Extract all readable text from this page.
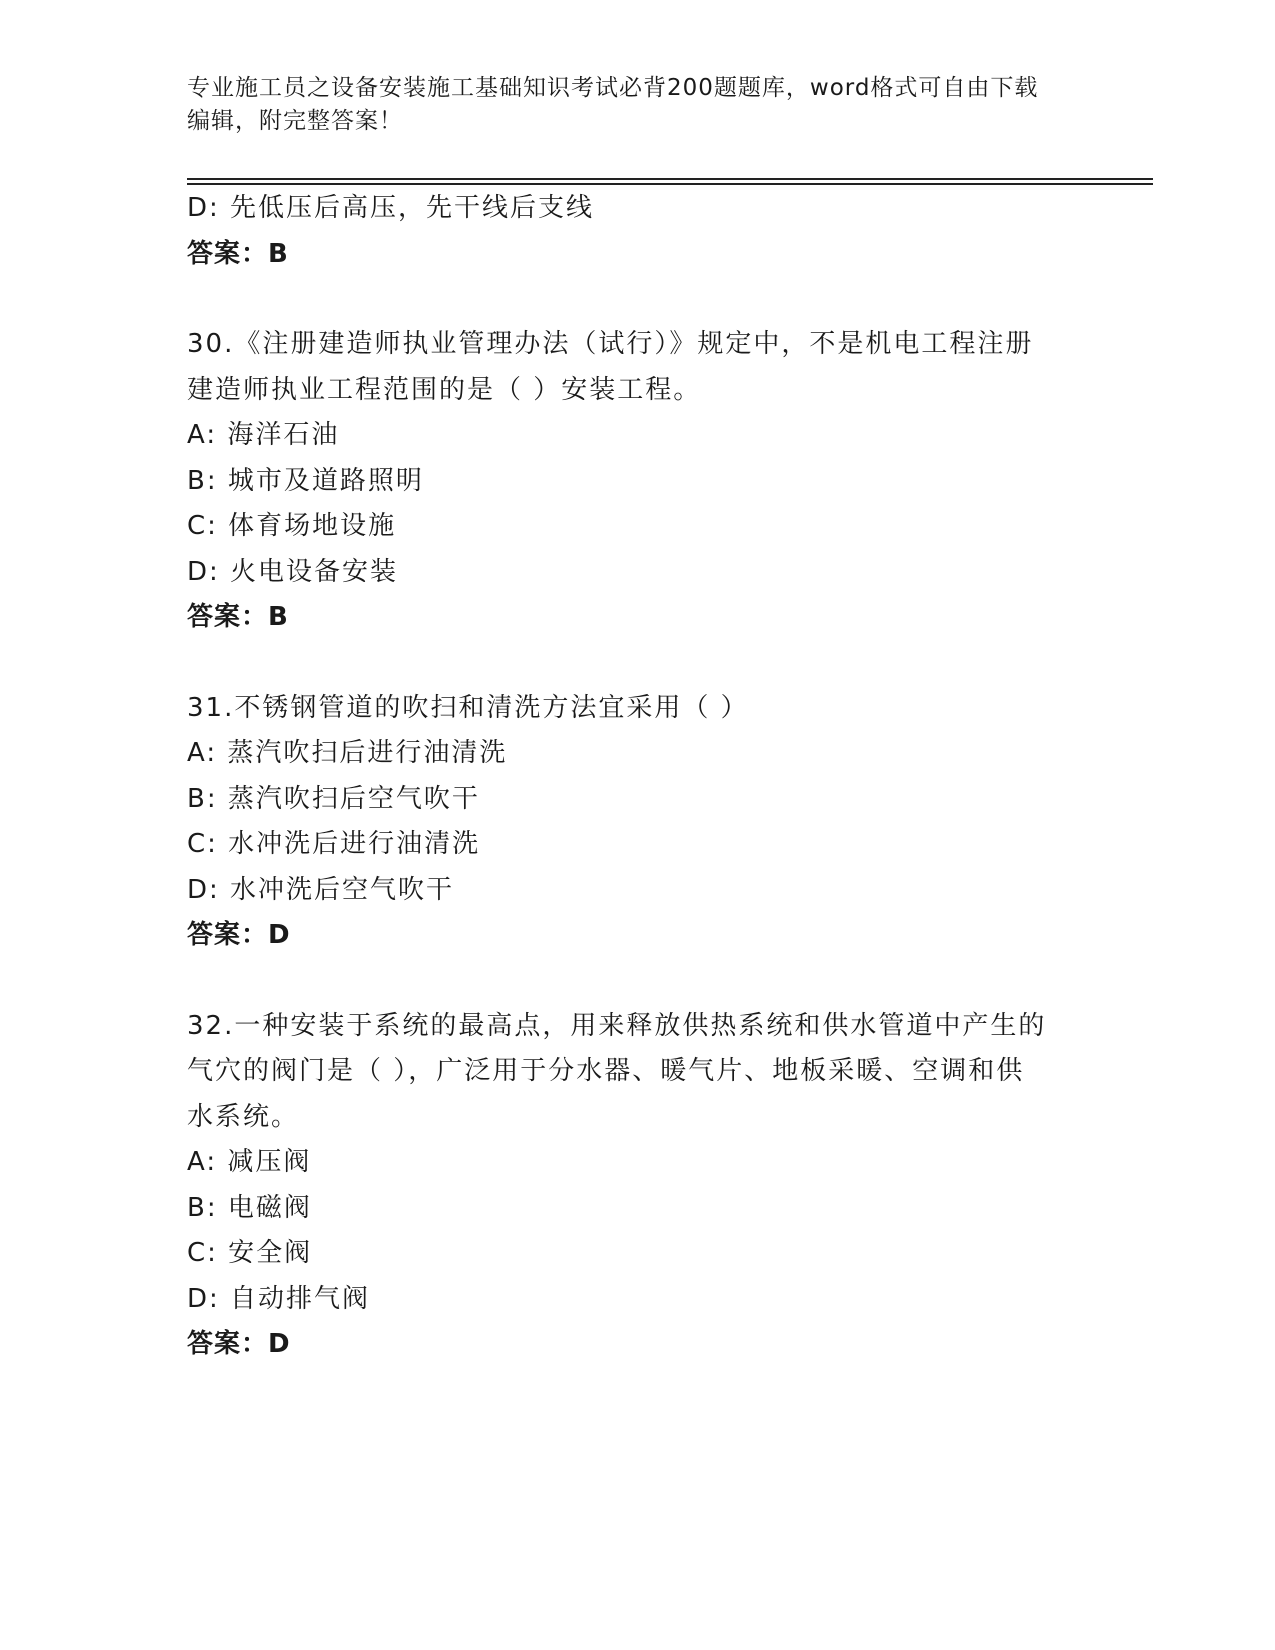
专业施工员之设备安装施工基础知识考试必背200题题库，word格式可自由下载
编辑，附完整答案！
D: 先低压后高压，先干线后支线
答案：B
30.《注册建造师执业管理办法（试行）》规定中，不是机电工程注册
建造师执业工程范围的是（ ）安装工程。
A: 海洋石油
B: 城市及道路照明
C: 体育场地设施
D: 火电设备安装
答案：B
31.不锈钢管道的吹扫和清洗方法宜采用（ ）
A: 蒸汽吹扫后进行油清洗
B: 蒸汽吹扫后空气吹干
C: 水冲洗后进行油清洗
D: 水冲洗后空气吹干
答案：D
32.一种安装于系统的最高点，用来释放供热系统和供水管道中产生的
气穴的阀门是（ ），广泛用于分水器、暖气片、地板采暖、空调和供
水系统。
A: 减压阀
B: 电磁阀
C: 安全阀
D: 自动排气阀
答案：D
